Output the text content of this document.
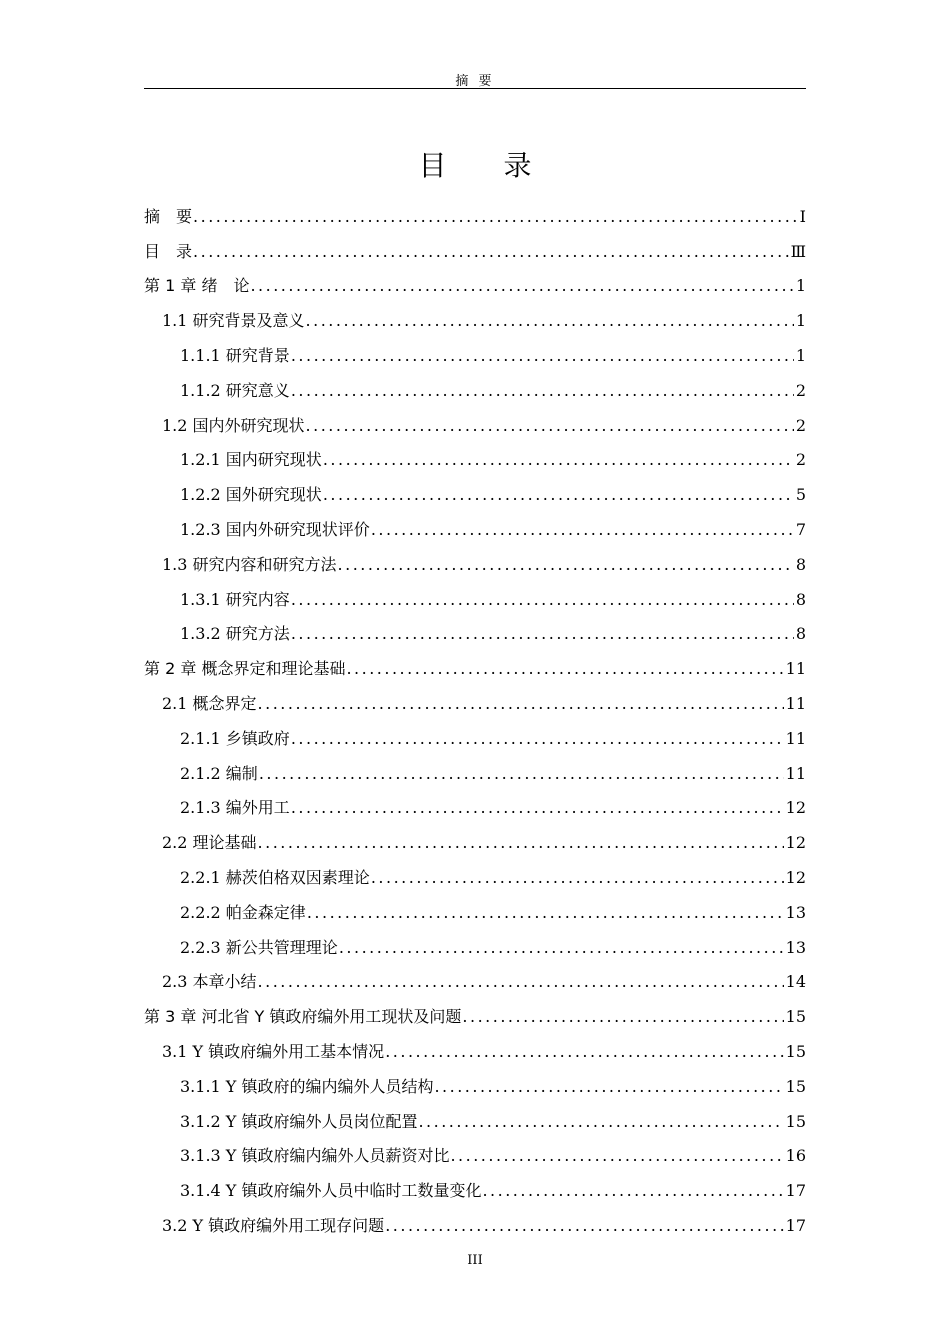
摘 要
目 录
摘　要 .....	I
目　录 .....	Ⅲ
第 1 章 绪　论 .....	1
1.1 研究背景及意义 .....	1
1.1.1 研究背景 .....	1
1.1.2 研究意义 .....	2
1.2 国内外研究现状 .....	2
1.2.1 国内研究现状 .....	2
1.2.2 国外研究现状 .....	5
1.2.3 国内外研究现状评价 .....	7
1.3 研究内容和研究方法 .....	8
1.3.1 研究内容 .....	8
1.3.2 研究方法 .....	8
第 2 章 概念界定和理论基础 .....	11
2.1 概念界定 .....	11
2.1.1 乡镇政府 .....	11
2.1.2 编制 .....	11
2.1.3 编外用工 .....	12
2.2 理论基础 .....	12
2.2.1 赫茨伯格双因素理论 .....	12
2.2.2 帕金森定律 .....	13
2.2.3 新公共管理理论 .....	13
2.3 本章小结 .....	14
第 3 章 河北省 Y 镇政府编外用工现状及问题 .....	15
3.1 Y 镇政府编外用工基本情况 .....	15
3.1.1 Y 镇政府的编内编外人员结构 .....	15
3.1.2 Y 镇政府编外人员岗位配置 .....	15
3.1.3 Y 镇政府编内编外人员薪资对比 .....	16
3.1.4 Y 镇政府编外人员中临时工数量变化 .....	17
3.2 Y 镇政府编外用工现存问题 .....	17
III
